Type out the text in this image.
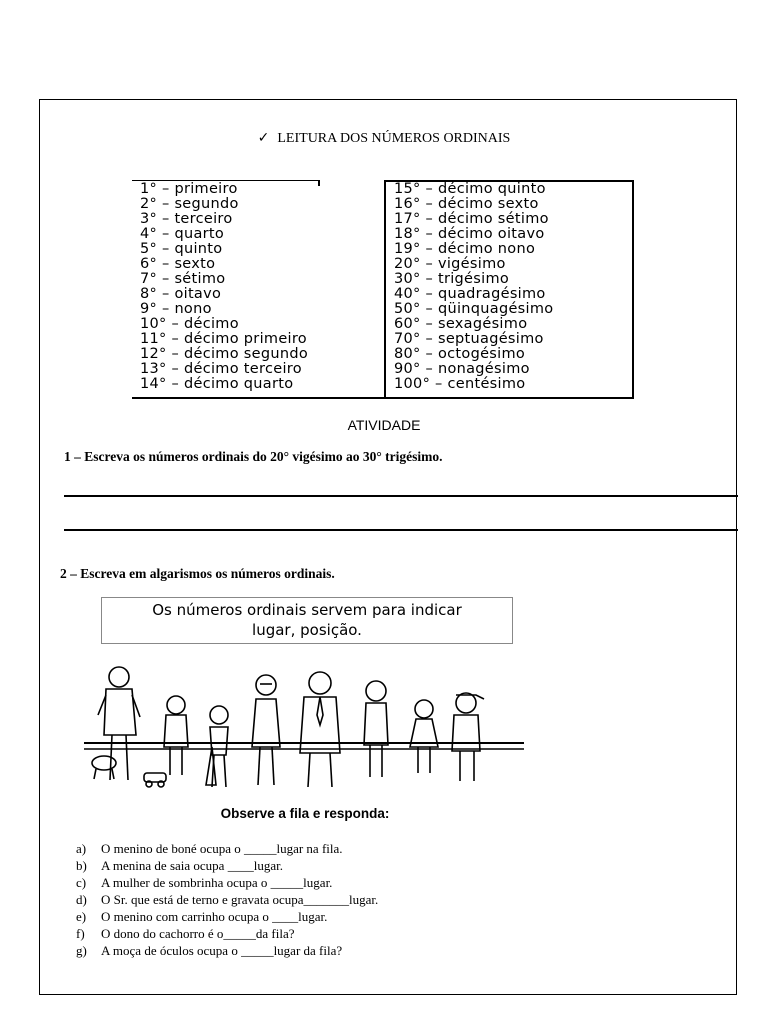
✓ LEITURA DOS NÚMEROS ORDINAIS
1° – primeiro
2° – segundo
3° – terceiro
4° – quarto
5° – quinto
6° – sexto
7° – sétimo
8° – oitavo
9° – nono
10° – décimo
11° – décimo primeiro
12° – décimo segundo
13° – décimo terceiro
14° – décimo quarto
15° – décimo quinto
16° – décimo sexto
17° – décimo sétimo
18° – décimo oitavo
19° – décimo nono
20° – vigésimo
30° – trigésimo
40° – quadragésimo
50° – qüinquagésimo
60° – sexagésimo
70° – septuagésimo
80° – octogésimo
90° – nonagésimo
100° – centésimo
ATIVIDADE
1 – Escreva os números ordinais do 20° vigésimo ao 30° trigésimo.
2 – Escreva em algarismos os números ordinais.
Os números ordinais servem para indicar
lugar, posição.
Observe a fila e responda:
a) O menino de boné ocupa o _____lugar na fila.
b) A menina de saia ocupa ____lugar.
c) A mulher de sombrinha ocupa o _____lugar.
d) O Sr. que está de terno e gravata ocupa_______lugar.
e) O menino com carrinho ocupa o ____lugar.
f) O dono do cachorro é o_____da fila?
g) A moça de óculos ocupa o _____lugar da fila?
